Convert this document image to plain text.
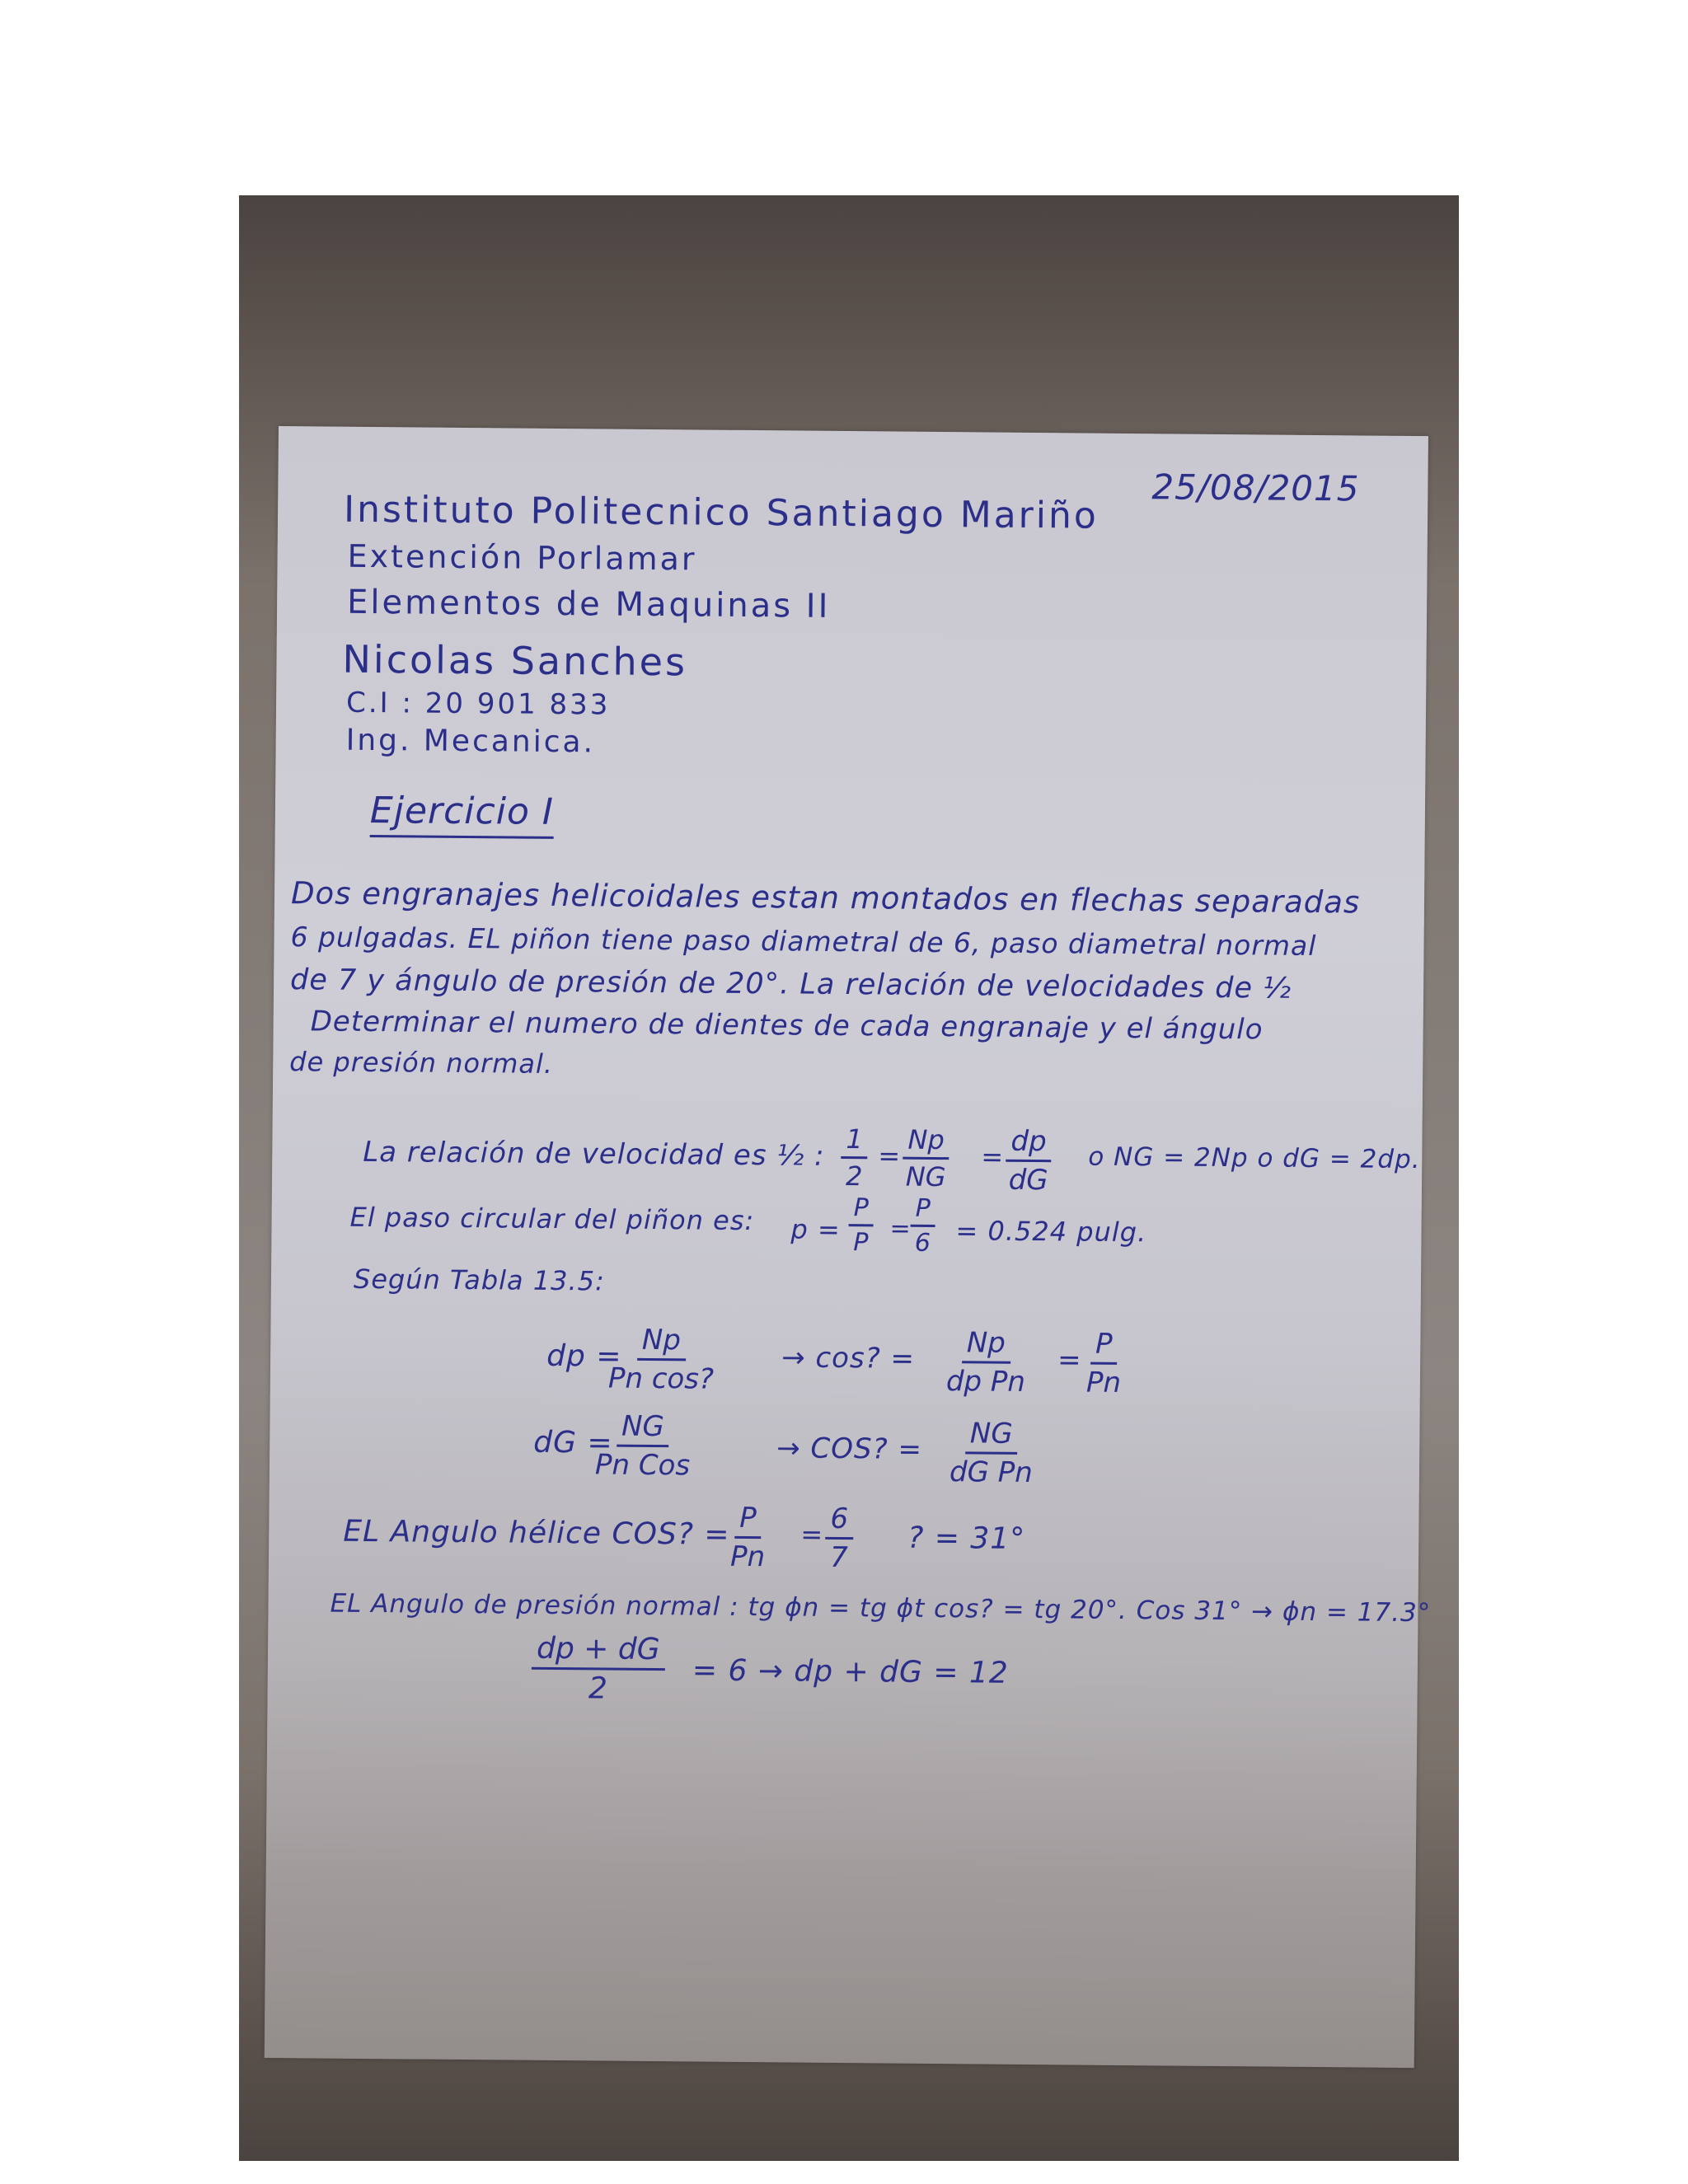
25/08/2015
Instituto Politecnico Santiago Mariño
Extención Porlamar
Elementos de Maquinas II
Nicolas Sanches
C.I : 20 901 833
Ing. Mecanica.
Ejercicio I
Dos engranajes helicoidales estan montados en flechas separadas
6 pulgadas. EL piñon tiene paso diametral de 6, paso diametral normal
de 7 y ángulo de presión de 20°. La relación de velocidades de ½
Determinar el numero de dientes de cada engranaje y el ángulo
de presión normal.
La relación de velocidad es ½ : $\frac{1}{2} = \frac{Np}{NG} = \frac{dp}{dG}$ o NG = 2Np o dG = 2dp.
El paso circular del piñon es: $p = \frac{P}{P}$ =
$\frac{P}{6} = 0.524$ pulg.
Según Tabla 13.5:
dp =
$\frac{Np}{\text{Pn cos?}} \to \cos$? = $\frac{Np}{\text{dp Pn}} = \frac{P}{Pn}$
dG = NG
Pn Cos	→ COS? = $\frac{NG}{\text{dG Pn}}$
EL Angulo hélice COS? = $\frac{P}{Pn} = \frac{6}{7}$ ? = 31°
EL Angulo de presión normal : tg ϕn = tg ϕt cos? = tg 20°. Cos 31° → ϕn = 17.3°
$\frac{dp + dG}{2} = 6$ → dp + dG = 12
